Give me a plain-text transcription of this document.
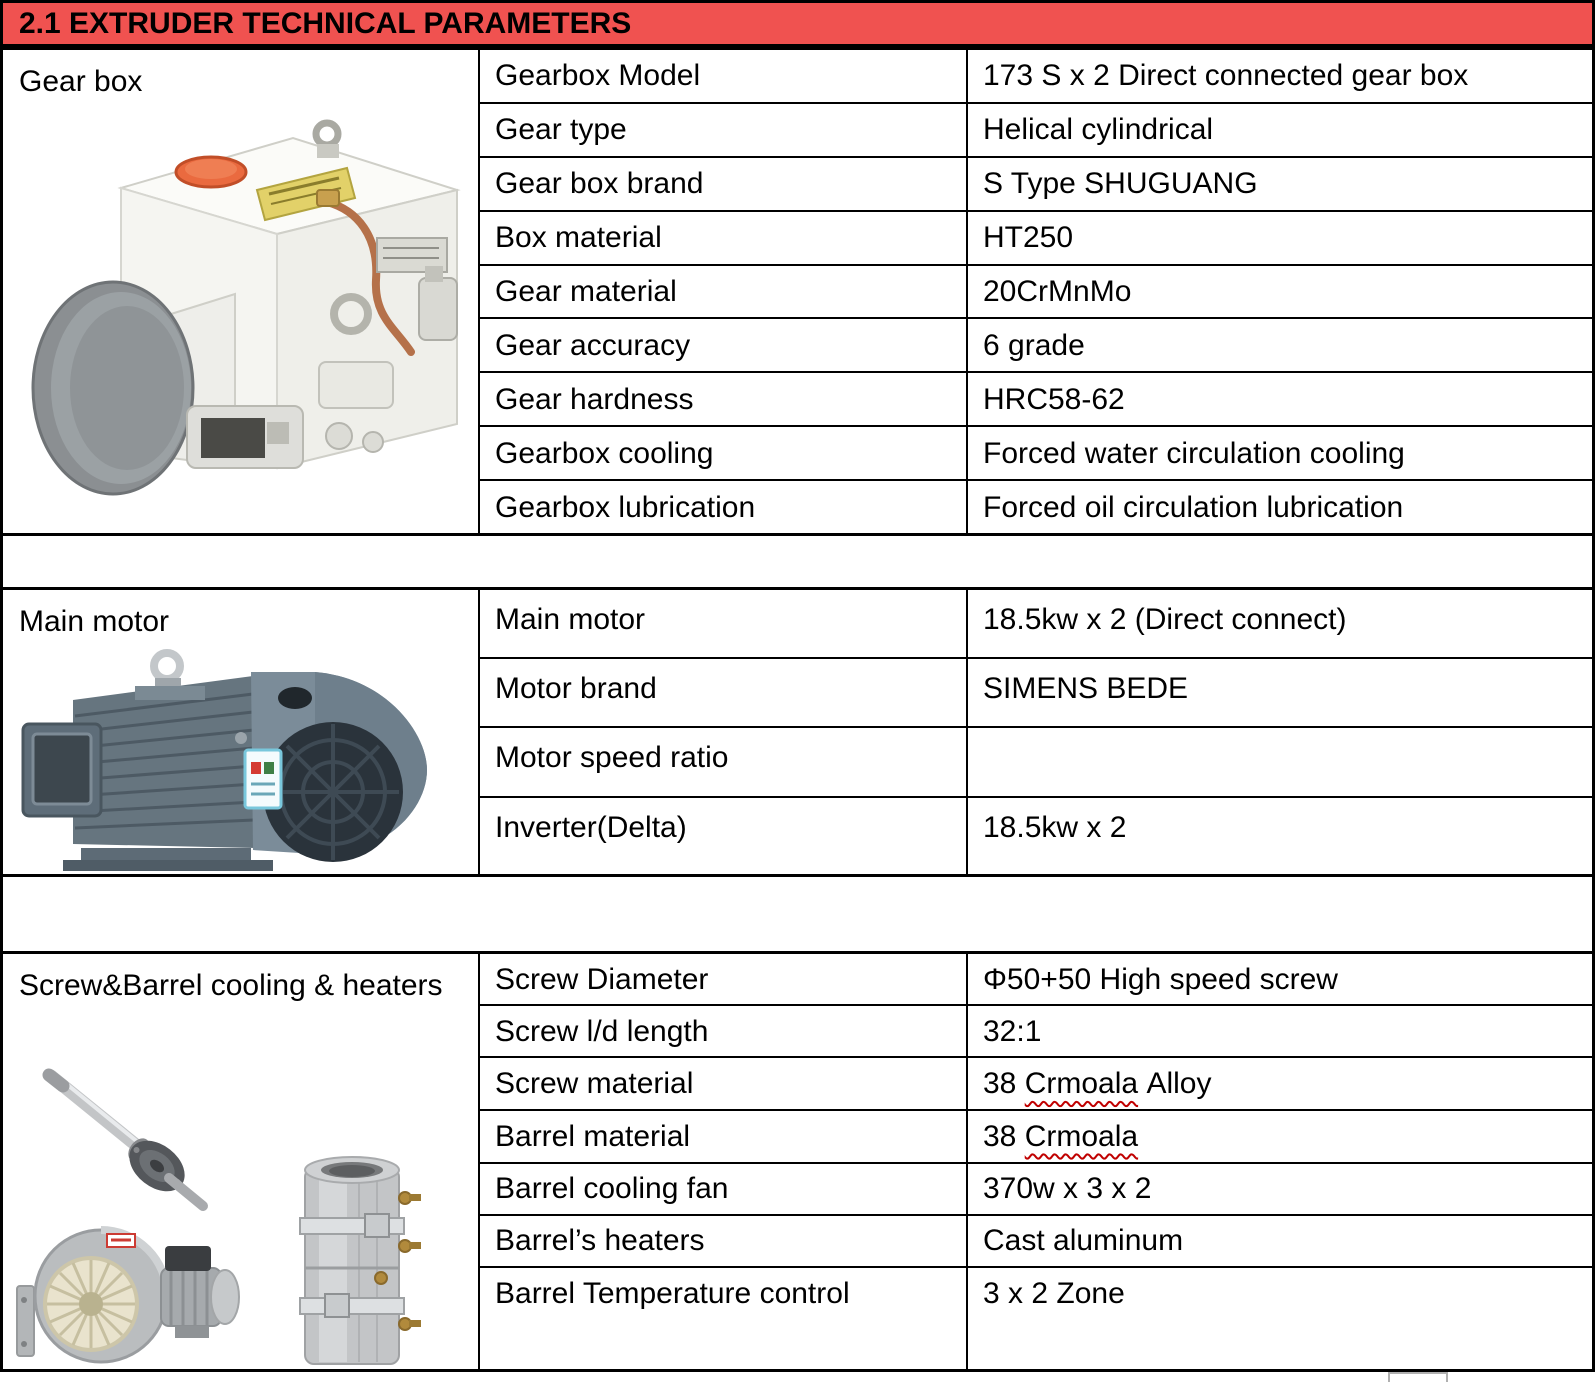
2.1 EXTRUDER TECHNICAL PARAMETERS
Gear box	Gearbox Model	173 S x 2 Direct connected gear box
Gear type	Helical cylindrical
Gear box brand	S Type SHUGUANG
Box material	HT250
Gear material	20CrMnMo
Gear accuracy	6 grade
Gear hardness	HRC58-62
Gearbox cooling	Forced water circulation cooling
Gearbox lubrication	Forced oil circulation lubrication
Main motor	Main motor	18.5kw x 2 (Direct connect)
Motor brand	SIMENS BEDE
Motor speed ratio
Inverter(Delta)	18.5kw x 2
Screw&Barrel cooling & heaters	Screw Diameter	Φ50+50 High speed screw
Screw l/d length	32:1
Screw material	38 Crmoala Alloy
Barrel material	38 Crmoala
Barrel cooling fan	370w x 3 x 2
Barrel’s heaters	Cast aluminum
Barrel Temperature control	3 x 2 Zone
